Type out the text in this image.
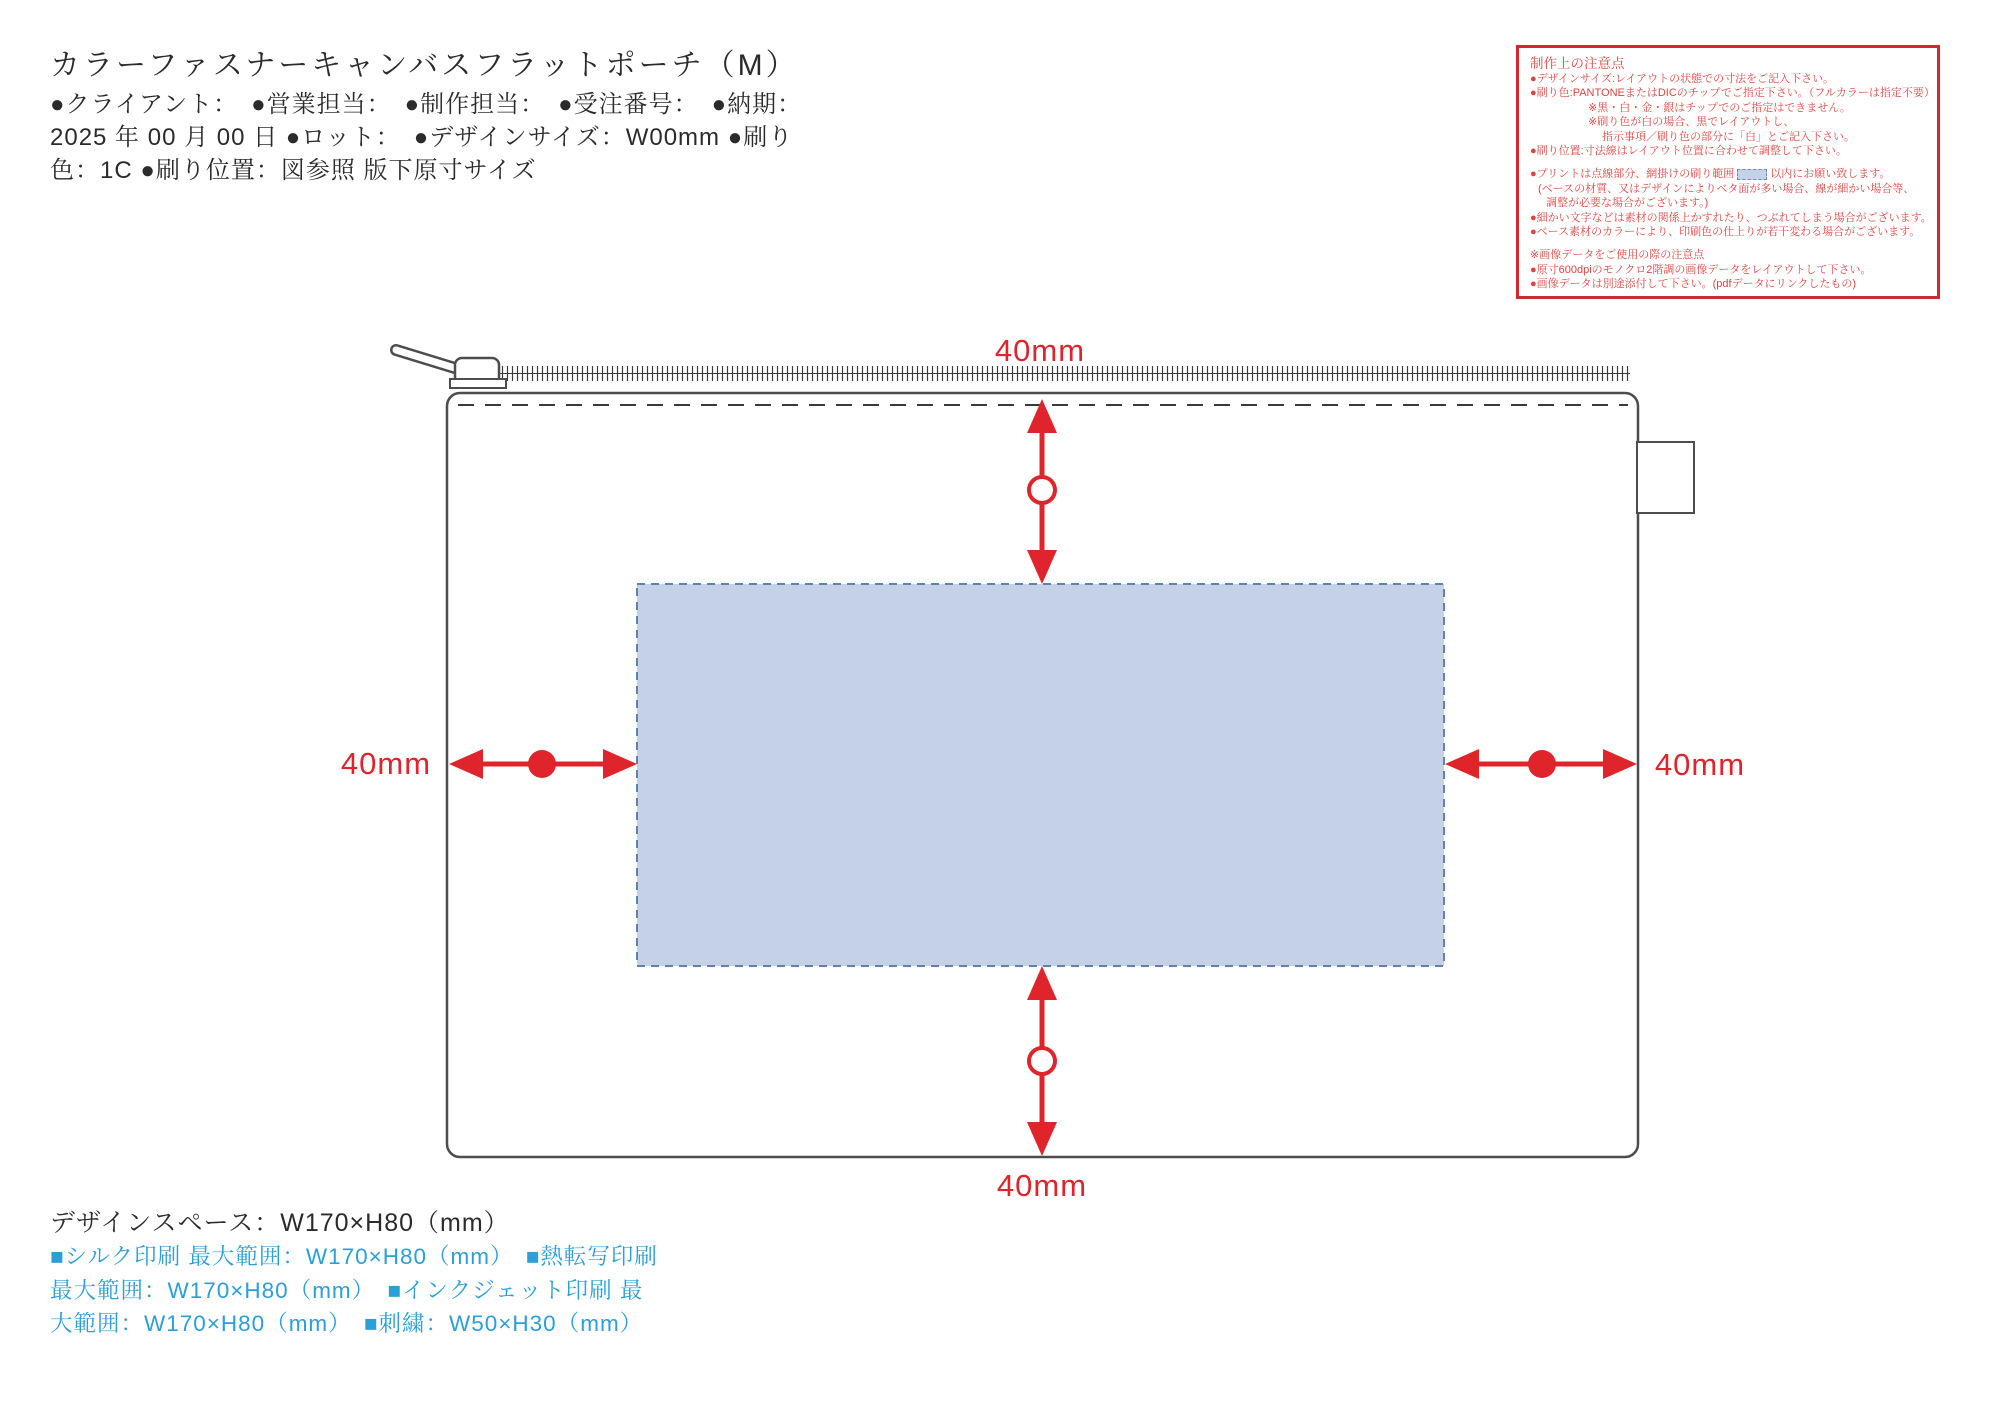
カラーファスナーキャンバスフラットポーチ（M）
●クライアント：　●営業担当：　●制作担当：　●受注番号：　●納期：
2025 年 00 月 00 日 ●ロット：　●デザインサイズ：W00mm ●刷り
色：1C ●刷り位置：図参照 版下原寸サイズ
制作上の注意点
●デザインサイズ:レイアウトの状態での寸法をご記入下さい。
●刷り色:PANTONEまたはDICのチップでご指定下さい。（フルカラーは指定不要）
※黒・白・金・銀はチップでのご指定はできません。
※刷り色が白の場合、黒でレイアウトし、
指示事項／刷り色の部分に「白」とご記入下さい。
●刷り位置:寸法線はレイアウト位置に合わせて調整して下さい。
●プリントは点線部分、網掛けの刷り範囲	以内にお願い致します。
(ベースの材質、又はデザインによりベタ面が多い場合、線が細かい場合等、
調整が必要な場合がございます。)
●細かい文字などは素材の関係上かすれたり、つぶれてしまう場合がございます。
●ベース素材のカラーにより、印刷色の仕上りが若干変わる場合がございます。
※画像データをご使用の際の注意点
●原寸600dpiのモノクロ2階調の画像データをレイアウトして下さい。
●画像データは別途添付して下さい。(pdfデータにリンクしたもの)
40mm
40mm
40mm	40mm
デザインスペース：W170×H80（mm）
■シルク印刷 最大範囲：W170×H80（mm）　■熱転写印刷
最大範囲：W170×H80（mm）　■インクジェット印刷 最
大範囲：W170×H80（mm）　■刺繍：W50×H30（mm）
